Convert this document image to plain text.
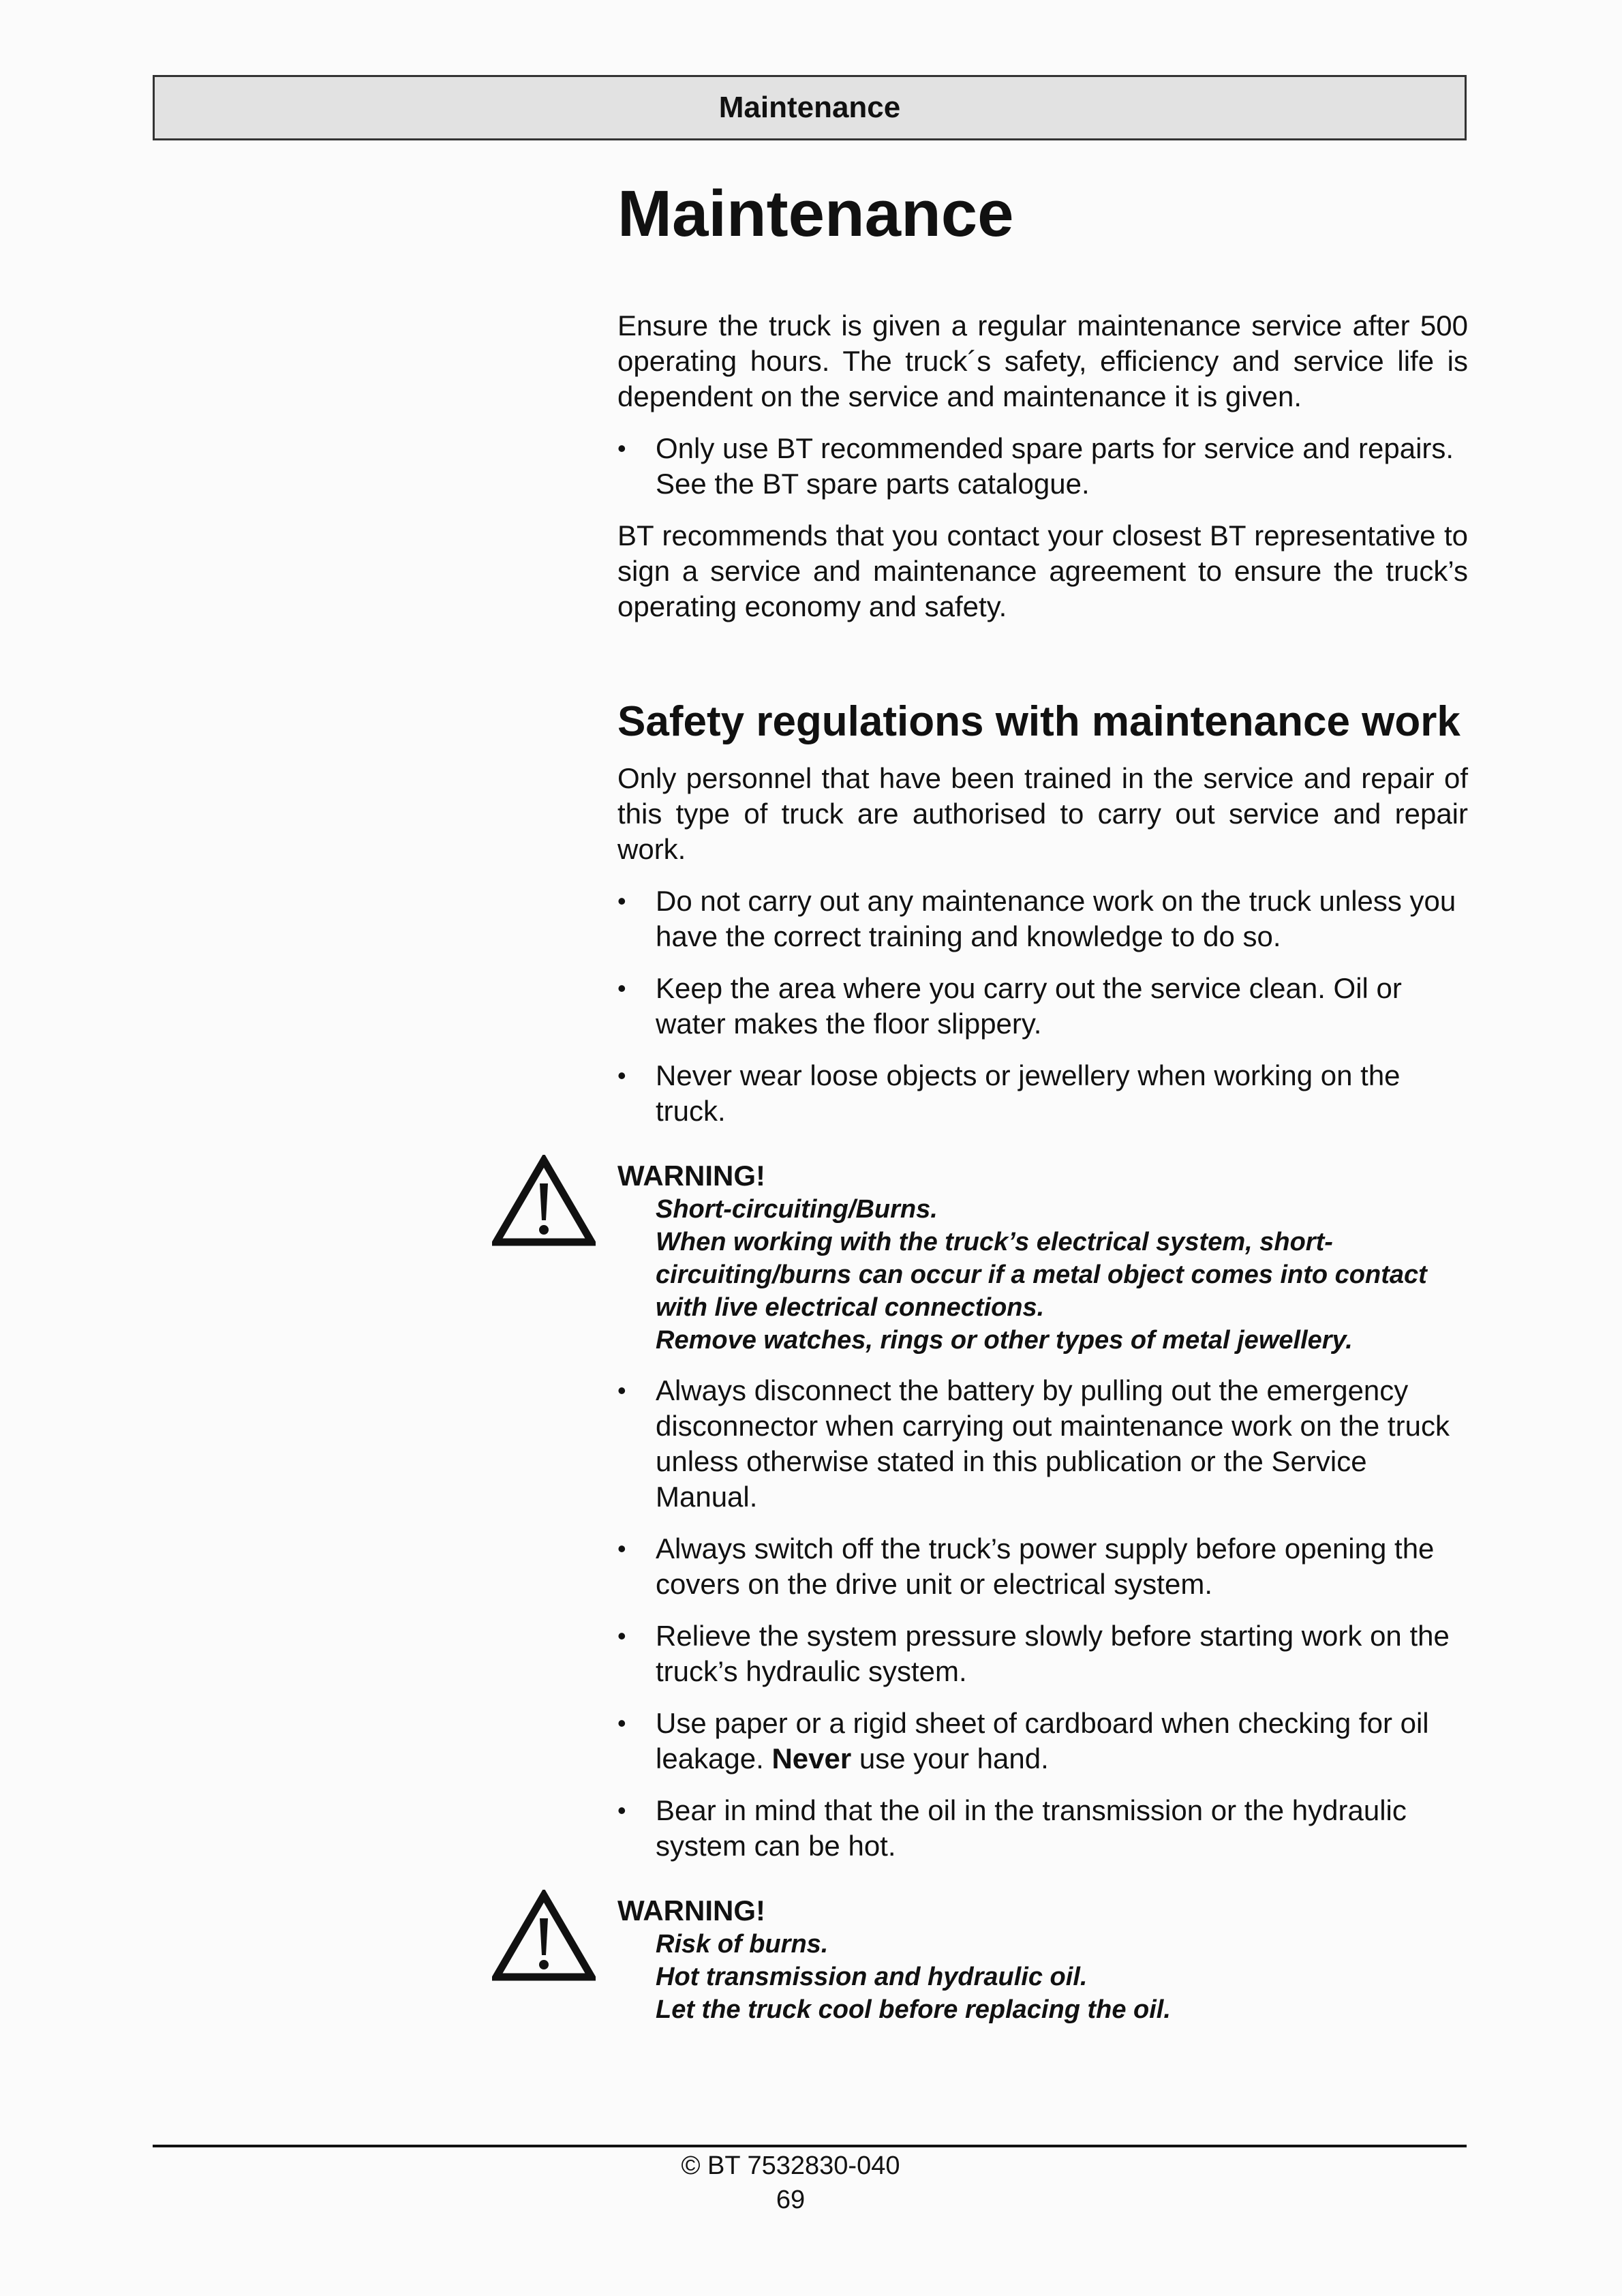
Maintenance
Maintenance

Ensure the truck is given a regular maintenance service after 500 operating hours. The truck´s safety, efficiency and service life is dependent on the service and maintenance it is given.

• Only use BT recommended spare parts for service and repairs. See the BT spare parts catalogue.

BT recommends that you contact your closest BT representative to sign a service and maintenance agreement to ensure the truck’s operating economy and safety.

Safety regulations with maintenance work

Only personnel that have been trained in the service and repair of this type of truck are authorised to carry out service and repair work.

• Do not carry out any maintenance work on the truck unless you have the correct training and knowledge to do so.
• Keep the area where you carry out the service clean. Oil or water makes the floor slippery.
• Never wear loose objects or jewellery when working on the truck.
WARNING!
Short-circuiting/Burns.
When working with the truck’s electrical system, short-circuiting/burns can occur if a metal object comes into contact with live electrical connections.
Remove watches, rings or other types of metal jewellery.
• Always disconnect the battery by pulling out the emergency disconnector when carrying out maintenance work on the truck unless otherwise stated in this publication or the Service Manual.
• Always switch off the truck’s power supply before opening the covers on the drive unit or electrical system.
• Relieve the system pressure slowly before starting work on the truck’s hydraulic system.
• Use paper or a rigid sheet of cardboard when checking for oil leakage. Never use your hand.
• Bear in mind that the oil in the transmission or the hydraulic system can be hot.
WARNING!
Risk of burns.
Hot transmission and hydraulic oil.
Let the truck cool before replacing the oil.
© BT 7532830-040
69
